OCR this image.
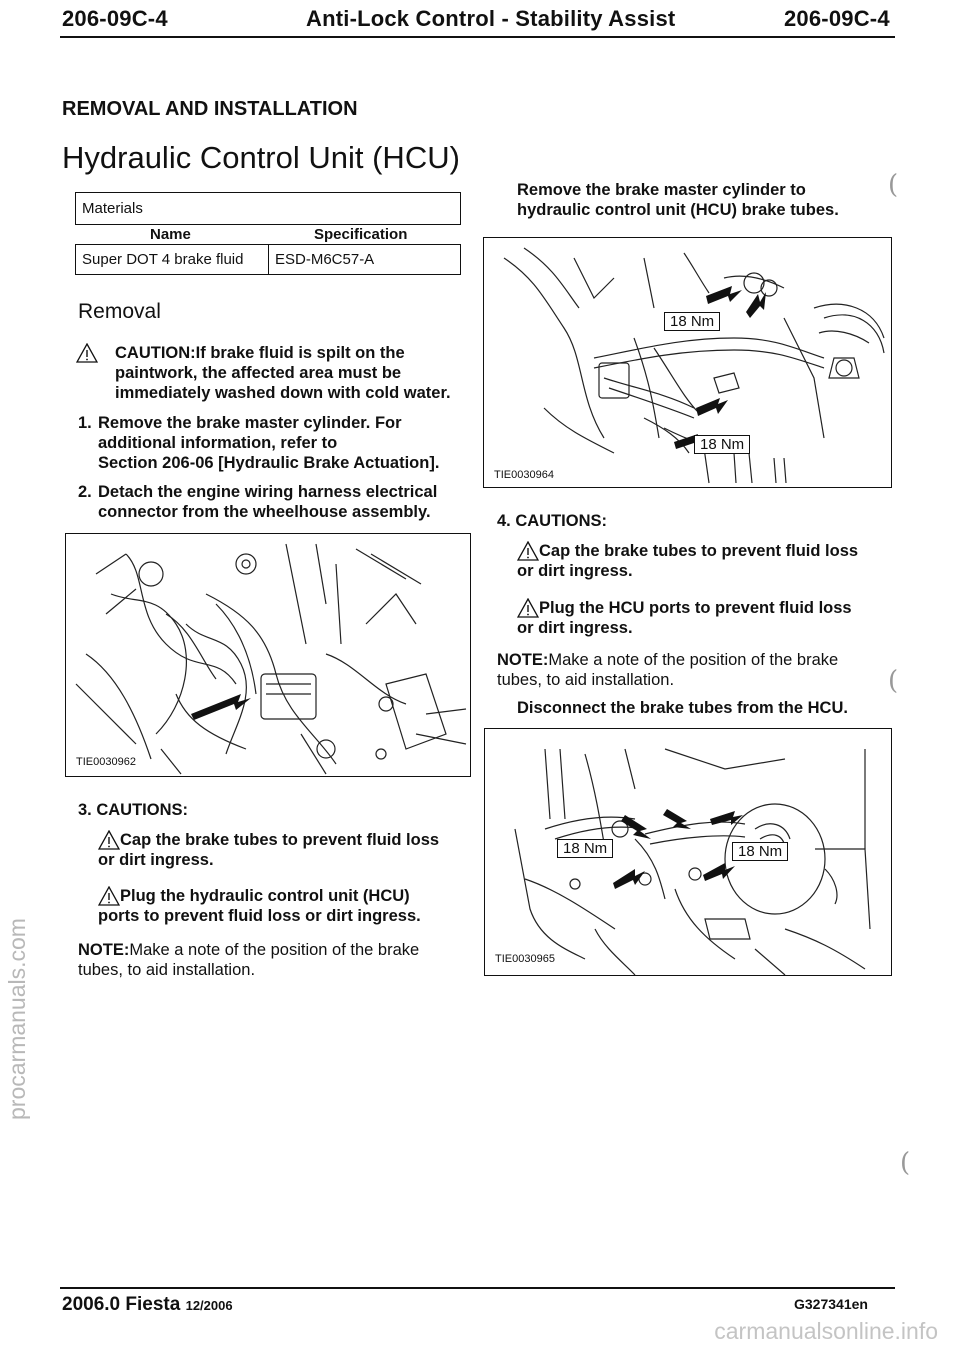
206-09C-4	Anti-Lock Control - Stability Assist	206-09C-4
REMOVAL AND INSTALLATION
Hydraulic Control Unit (HCU)
Materials
Name	Specification
Super DOT 4 brake fluid	ESD-M6C57-A
Removal
CAUTION:If brake fluid is spilt on the
paintwork, the affected area must be
immediately washed down with cold water.
1. Remove the brake master cylinder. For
additional information, refer to
Section 206-06 [Hydraulic Brake Actuation].
2. Detach the engine wiring harness electrical
connector from the wheelhouse assembly.
TIE0030962
3. CAUTIONS:
Cap the brake tubes to prevent fluid loss
or dirt ingress.
Plug the hydraulic control unit (HCU)
ports to prevent fluid loss or dirt ingress.
NOTE:Make a note of the position of the brake
tubes, to aid installation.
Remove the brake master cylinder to
hydraulic control unit (HCU) brake tubes.
(
18 Nm
18 Nm
TIE0030964
4. CAUTIONS:
Cap the brake tubes to prevent fluid loss
or dirt ingress.
Plug the HCU ports to prevent fluid loss
or dirt ingress.
NOTE:Make a note of the position of the brake
tubes, to aid installation.	(
Disconnect the brake tubes from the HCU.
18 Nm	18 Nm
TIE0030965
(
2006.0 Fiesta 12/2006	G327341en
procarmanuals.com
carmanualsonline.info
